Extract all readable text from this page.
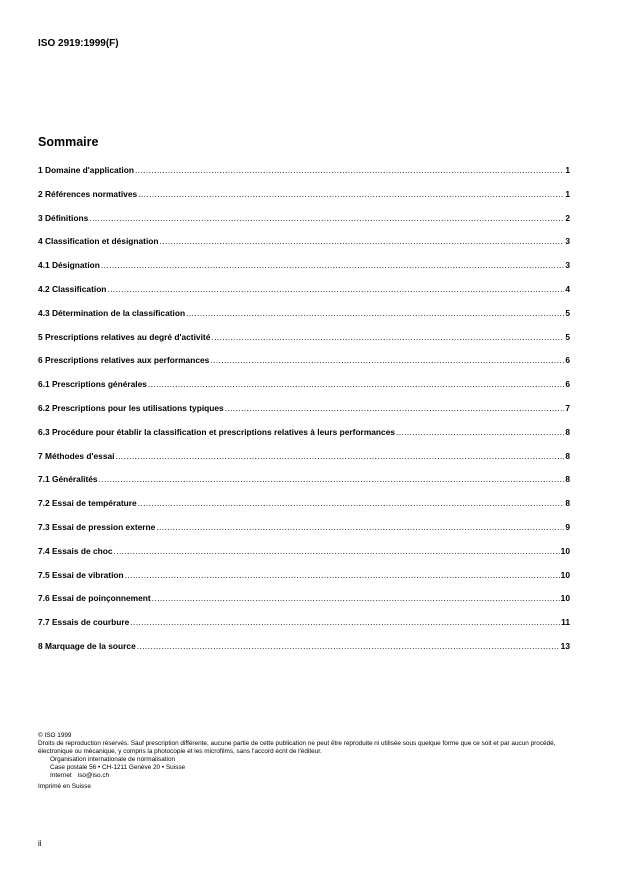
ISO 2919:1999(F)
Sommaire
1 Domaine d'application .....	1
2 Références normatives .....	1
3 Définitions .....	2
4 Classification et désignation .....	3
4.1 Désignation .....	3
4.2 Classification .....	4
4.3 Détermination de la classification .....	5
5 Prescriptions relatives au degré d'activité .....	5
6 Prescriptions relatives aux performances .....	6
6.1 Prescriptions générales .....	6
6.2 Prescriptions pour les utilisations typiques .....	7
6.3 Procédure pour établir la classification et prescriptions relatives à leurs performances .....	8
7 Méthodes d'essai .....	8
7.1 Généralités .....	8
7.2 Essai de température .....	8
7.3 Essai de pression externe .....	9
7.4 Essais de choc .....	10
7.5 Essai de vibration .....	10
7.6 Essai de poinçonnement .....	10
7.7 Essais de courbure .....	11
8 Marquage de la source .....	13

© ISO 1999

Droits de reproduction réservés. Sauf prescription différente, aucune partie de cette publication ne peut être reproduite ni utilisée sous quelque forme que ce soit et par aucun procédé, électronique ou mécanique, y compris la photocopie et les microfilms, sans l'accord écrit de l'éditeur.

Organisation internationale de normalisation

Case postale 56 • CH-1211 Genève 20 • Suisse

Internet iso@iso.ch

Imprimé en Suisse

ii
